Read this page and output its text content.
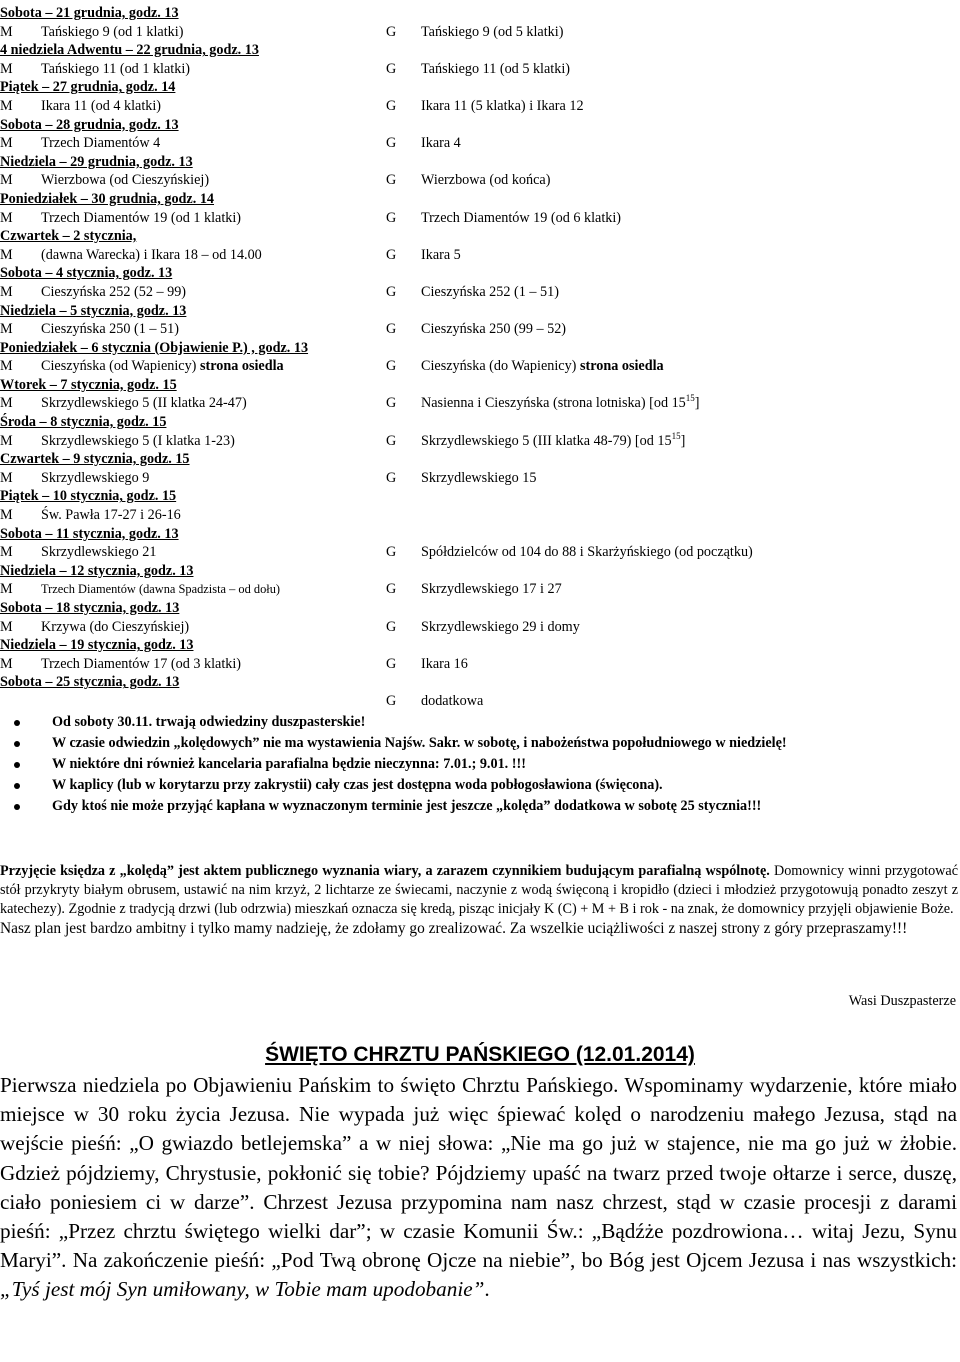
Sobota – 21 grudnia, godz. 13
M Tańskiego 9 (od 1 klatki)	G Tańskiego 9 (od 5 klatki)
4 niedziela Adwentu – 22 grudnia, godz. 13
M Tańskiego 11 (od 1 klatki)	G Tańskiego 11 (od 5 klatki)
Piątek – 27 grudnia, godz. 14
M Ikara 11 (od 4 klatki)	G Ikara 11 (5 klatka) i Ikara 12
Sobota – 28 grudnia, godz. 13
M Trzech Diamentów 4	G Ikara 4
Niedziela – 29 grudnia, godz. 13
M Wierzbowa (od Cieszyńskiej)	G Wierzbowa (od końca)
Poniedziałek – 30 grudnia, godz. 14
M Trzech Diamentów 19 (od 1 klatki)	G Trzech Diamentów 19 (od 6 klatki)
Czwartek – 2 stycznia,
M (dawna Warecka) i Ikara 18 – od 14.00	G Ikara 5
Sobota – 4 stycznia, godz. 13
M Cieszyńska 252 (52 – 99)	G Cieszyńska 252 (1 – 51)
Niedziela – 5 stycznia, godz. 13
M Cieszyńska 250 (1 – 51)	G Cieszyńska 250 (99 – 52)
Poniedziałek – 6 stycznia (Objawienie P.) , godz. 13
M Cieszyńska (od Wapienicy) strona osiedla	G Cieszyńska (do Wapienicy) strona osiedla
Wtorek – 7 stycznia, godz. 15
M Skrzydlewskiego 5 (II klatka 24-47)	G Nasienna i Cieszyńska (strona lotniska) [od $15^{15}$]
Środa – 8 stycznia, godz. 15
M Skrzydlewskiego 5 (I klatka 1-23)	G Skrzydlewskiego 5 (III klatka 48-79) [od $15^{15}$]
Czwartek – 9 stycznia, godz. 15
M Skrzydlewskiego 9	G Skrzydlewskiego 15
Piątek – 10 stycznia, godz. 15
M Św. Pawła 17-27 i 26-16
Sobota – 11 stycznia, godz. 13
M Skrzydlewskiego 21	G Spółdzielców od 104 do 88 i Skarżyńskiego (od początku)
Niedziela – 12 stycznia, godz. 13
M Trzech Diamentów (dawna Spadzista – od dołu)	G Skrzydlewskiego 17 i 27
Sobota – 18 stycznia, godz. 13
M Krzywa (do Cieszyńskiej)	G Skrzydlewskiego 29 i domy
Niedziela – 19 stycznia, godz. 13
M Trzech Diamentów 17 (od 3 klatki)	G Ikara 16
Sobota – 25 stycznia, godz. 13
G dodatkowa
Od soboty 30.11. trwają odwiedziny duszpasterskie!
W czasie odwiedzin „kolędowych” nie ma wystawienia Najśw. Sakr. w sobotę, i nabożeństwa popołudniowego w niedzielę!
W niektóre dni również kancelaria parafialna będzie nieczynna: 7.01.; 9.01. !!!
W kaplicy (lub w korytarzu przy zakrystii) cały czas jest dostępna woda pobłogosławiona (święcona).
Gdy ktoś nie może przyjąć kapłana w wyznaczonym terminie jest jeszcze „kolęda” dodatkowa w sobotę 25 stycznia!!!

Przyjęcie księdza z „kolędą” jest aktem publicznego wyznania wiary, a zarazem czynnikiem budującym parafialną wspólnotę. Domownicy winni przygotować stół przykryty białym obrusem, ustawić na nim krzyż, 2 lichtarze ze świecami, naczynie z wodą święconą i kropidło (dzieci i młodzież przygotowują ponadto zeszyt z katechezy). Zgodnie z tradycją drzwi (lub odrzwia) mieszkań oznacza się kredą, pisząc inicjały K (C) + M + B i rok - na znak, że domownicy przyjęli objawienie Boże.

Nasz plan jest bardzo ambitny i tylko mamy nadzieję, że zdołamy go zrealizować. Za wszelkie uciążliwości z naszej strony z góry przepraszamy!!!

Wasi Duszpasterze
ŚWIĘTO CHRZTU PAŃSKIEGO (12.01.2014)

Pierwsza niedziela po Objawieniu Pańskim to święto Chrztu Pańskiego. Wspominamy wydarzenie, które miało miejsce w 30 roku życia Jezusa. Nie wypada już więc śpiewać kolęd o narodzeniu małego Jezusa, stąd na wejście pieśń: „O gwiazdo betlejemska” a w niej słowa: „Nie ma go już w stajence, nie ma go już w żłobie. Gdzież pójdziemy, Chrystusie, pokłonić się tobie? Pójdziemy upaść na twarz przed twoje ołtarze i serce, duszę, ciało poniesiem ci w darze”. Chrzest Jezusa przypomina nam nasz chrzest, stąd w czasie procesji z darami pieśń: „Przez chrztu świętego wielki dar”; w czasie Komunii Św.: „Bądźże pozdrowiona… witaj Jezu, Synu Maryi”. Na zakończenie pieśń: „Pod Twą obronę Ojcze na niebie”, bo Bóg jest Ojcem Jezusa i nas wszystkich: „Tyś jest mój Syn umiłowany, w Tobie mam upodobanie”.
